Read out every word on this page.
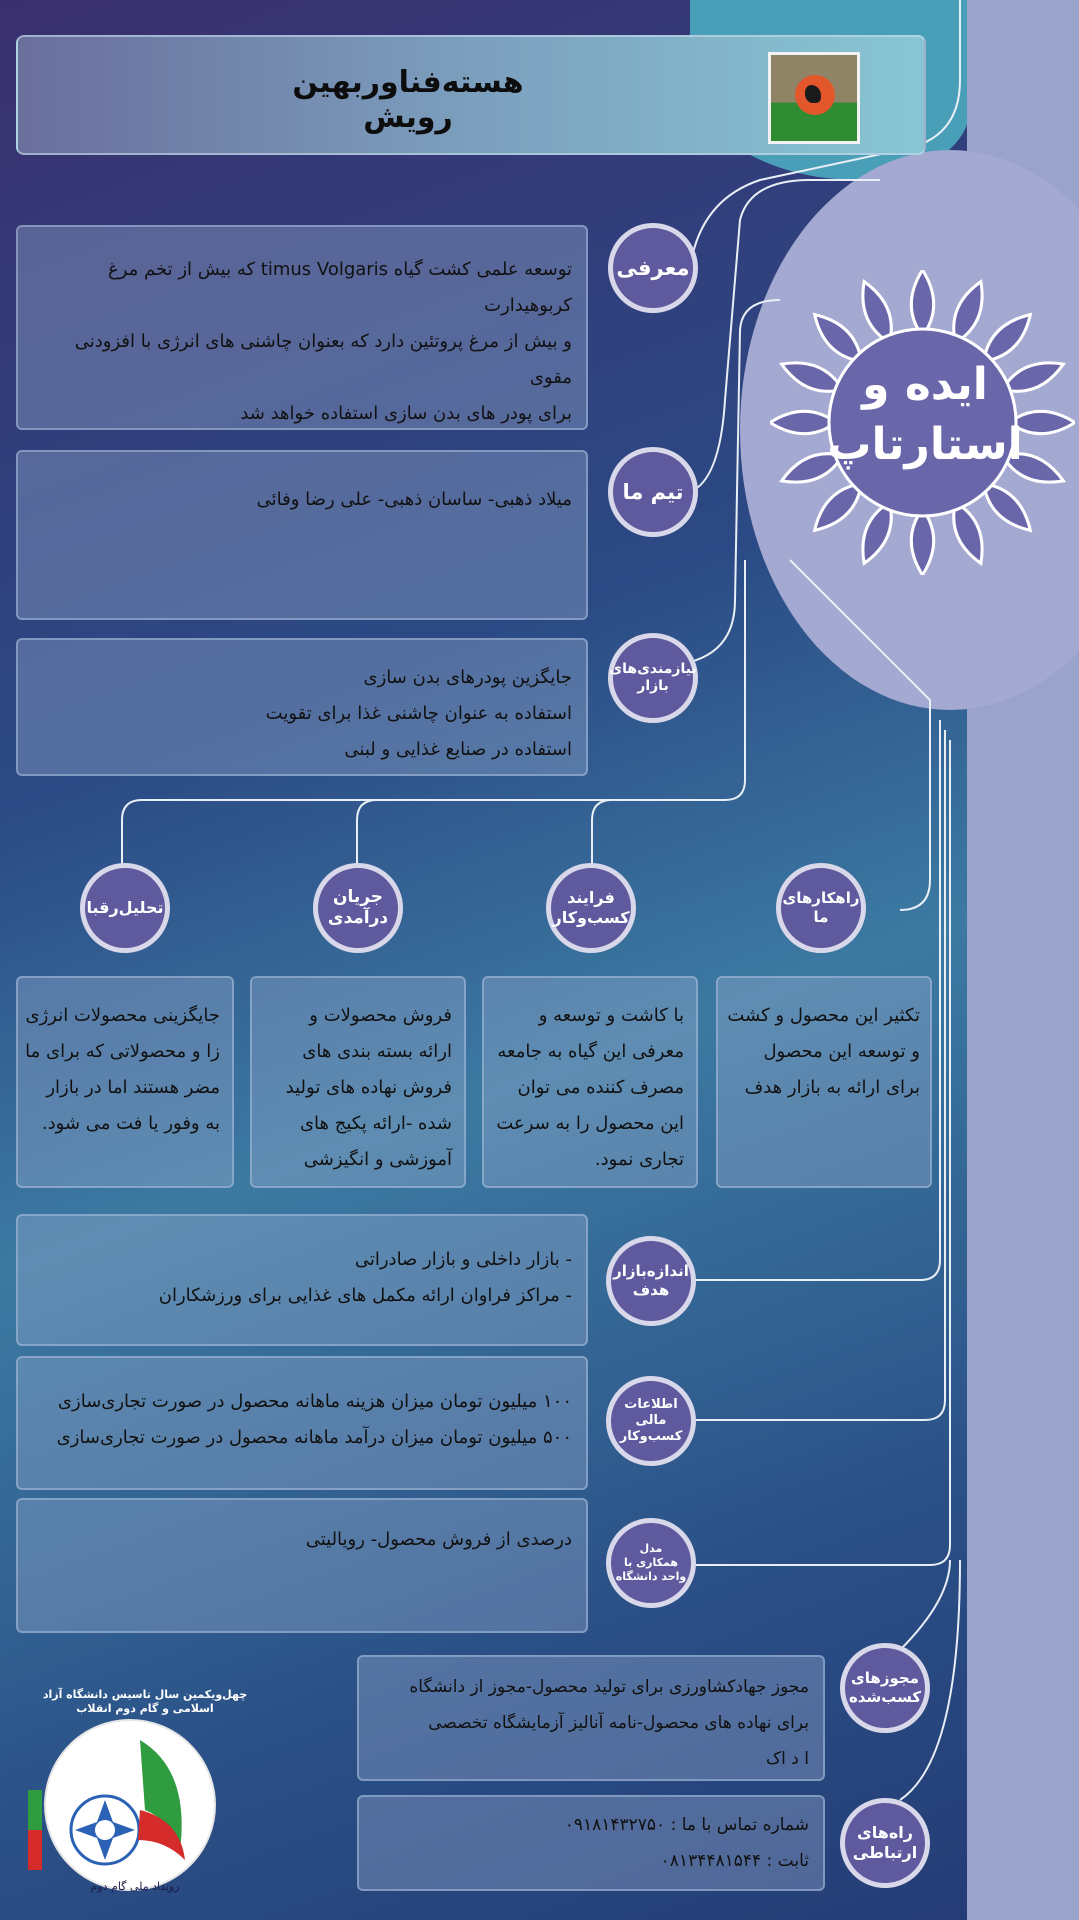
هسته‌فناوربهین رویش
ایده و
استارتاپ
توسعه علمی کشت گیاه timus Volgaris که بیش از تخم مرغ کربوهیدارت
و بیش از مرغ پروتئین دارد که بعنوان چاشنی های انرژی با افزودنی مقوی
برای پودر های بدن سازی استفاده خواهد شد
معرفی
میلاد ذهبی- ساسان ذهبی- علی رضا وفائی تیم ما
جایگزین پودرهای بدن سازی
استفاده به عنوان چاشنی غذا برای تقویت
استفاده در صنایع غذایی و لبنی
نیازمندی‌های
بازار
راهکارهای
ما
فرایند
کسب‌وکار
جریان
درآمدی
تحلیل‌رقبا
تکثیر این محصول و کشت
و توسعه این محصول
برای ارائه به بازار هدف
با کاشت و توسعه و
معرفی این گیاه به جامعه
مصرف کننده می توان
این محصول را به سرعت
تجاری نمود.
فروش محصولات و
ارائه بسته بندی های
فروش نهاده های تولید
شده -ارائه پکیج های
آموزشی و انگیزشی
جایگزینی محصولات انرژی
زا و محصولاتی که برای ما
مضر هستند اما در بازار
به وفور یا فت می شود.
- بازار داخلی و بازار صادراتی
- مراکز فراوان ارائه مکمل های غذایی برای ورزشکاران
اندازه‌بازار
هدف
۱۰۰ میلیون تومان میزان هزینه ماهانه محصول در صورت تجاری‌سازی
۵۰۰ میلیون تومان میزان درآمد ماهانه محصول در صورت تجاری‌سازی
اطلاعات مالی
کسب‌وکار
درصدی از فروش محصول- رویالیتی	مدل
همکاری با
واحد دانشگاه
مجوز جهادکشاورزی برای تولید محصول-مجوز از دانشگاه
برای نهاده های محصول-نامه آنالیز آزمایشگاه تخصصی
ا د اک
مجوزهای
کسب‌شده
شماره تماس با ما : ۰۹۱۸۱۴۳۲۷۵۰
ثابت : ۰۸۱۳۴۴۸۱۵۴۴
راه‌های
ارتباطی
چهل‌ویکمین سال تاسیس دانشگاه آزاد اسلامی و گام دوم انقلاب
رویداد ملی گام دوم
